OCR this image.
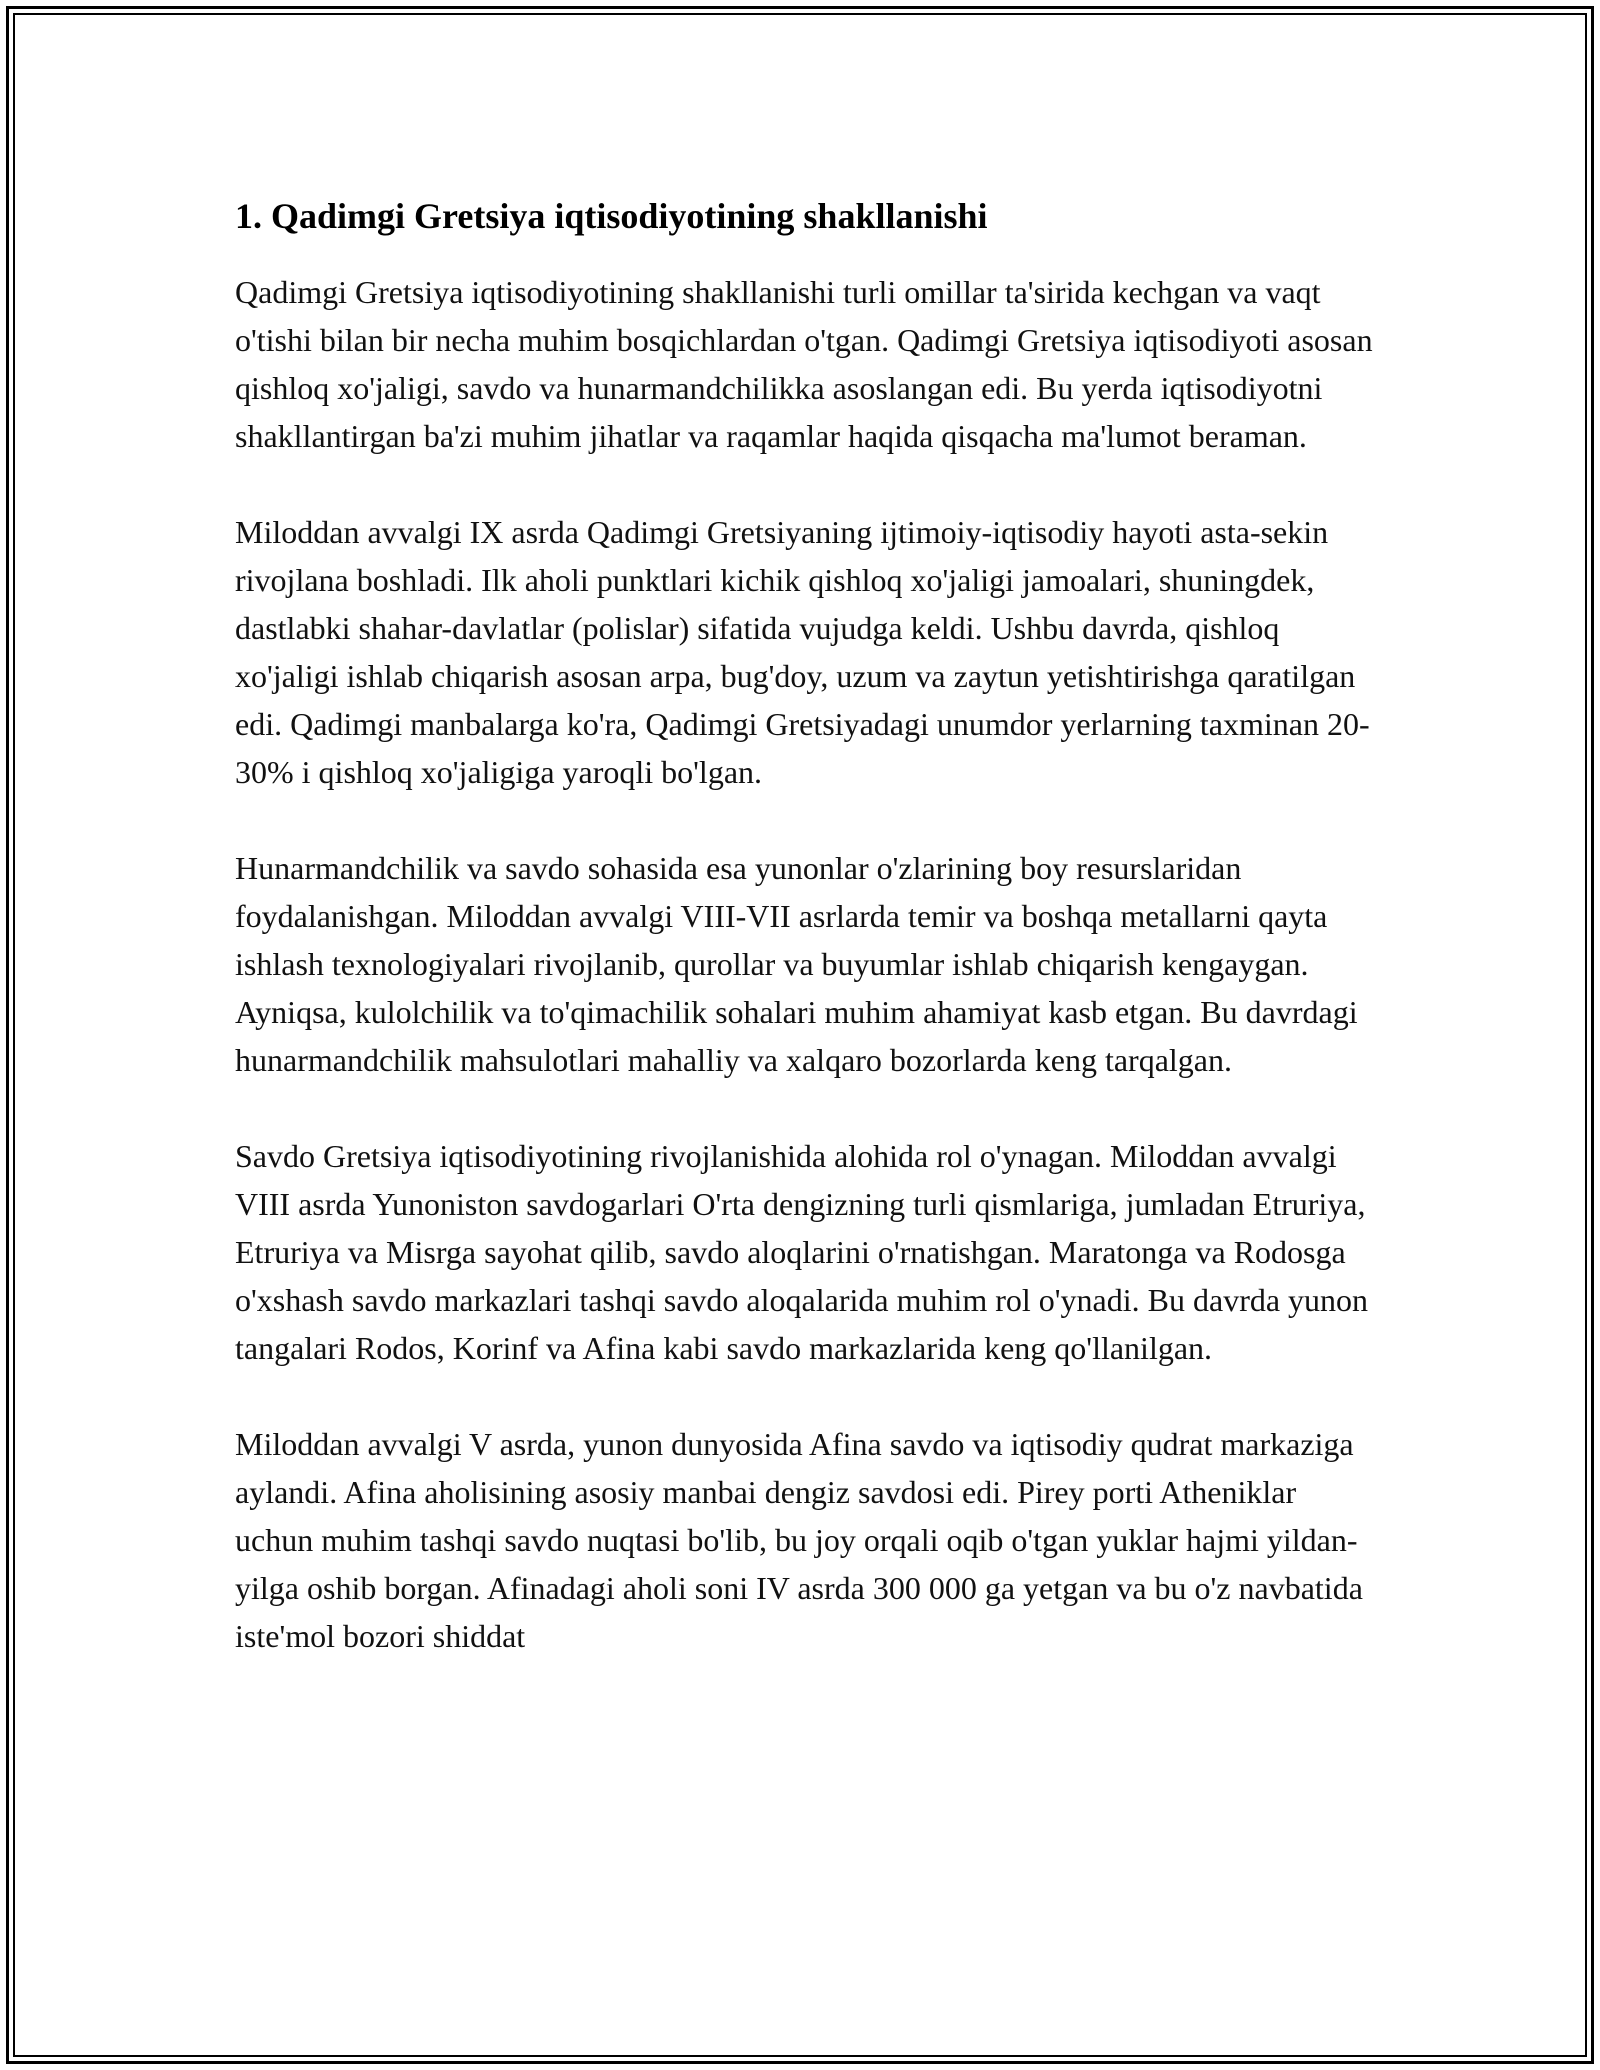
1. Qadimgi Gretsiya iqtisodiyotining shakllanishi

Qadimgi Gretsiya iqtisodiyotining shakllanishi turli omillar ta'sirida kechgan va vaqt o'tishi bilan bir necha muhim bosqichlardan o'tgan. Qadimgi Gretsiya iqtisodiyoti asosan qishloq xo'jaligi, savdo va hunarmandchilikka asoslangan edi. Bu yerda iqtisodiyotni shakllantirgan ba'zi muhim jihatlar va raqamlar haqida qisqacha ma'lumot beraman.

Miloddan avvalgi IX asrda Qadimgi Gretsiyaning ijtimoiy-iqtisodiy hayoti asta-sekin rivojlana boshladi. Ilk aholi punktlari kichik qishloq xo'jaligi jamoalari, shuningdek, dastlabki shahar-davlatlar (polislar) sifatida vujudga keldi. Ushbu davrda, qishloq xo'jaligi ishlab chiqarish asosan arpa, bug'doy, uzum va zaytun yetishtirishga qaratilgan edi. Qadimgi manbalarga ko'ra, Qadimgi Gretsiyadagi unumdor yerlarning taxminan 20-30% i qishloq xo'jaligiga yaroqli bo'lgan.

Hunarmandchilik va savdo sohasida esa yunonlar o'zlarining boy resurslaridan foydalanishgan. Miloddan avvalgi VIII-VII asrlarda temir va boshqa metallarni qayta ishlash texnologiyalari rivojlanib, qurollar va buyumlar ishlab chiqarish kengaygan. Ayniqsa, kulolchilik va to'qimachilik sohalari muhim ahamiyat kasb etgan. Bu davrdagi hunarmandchilik mahsulotlari mahalliy va xalqaro bozorlarda keng tarqalgan.

Savdo Gretsiya iqtisodiyotining rivojlanishida alohida rol o'ynagan. Miloddan avvalgi VIII asrda Yunoniston savdogarlari O'rta dengizning turli qismlariga, jumladan Etruriya, Etruriya va Misrga sayohat qilib, savdo aloqlarini o'rnatishgan. Maratonga va Rodosga o'xshash savdo markazlari tashqi savdo aloqalarida muhim rol o'ynadi. Bu davrda yunon tangalari Rodos, Korinf va Afina kabi savdo markazlarida keng qo'llanilgan.

Miloddan avvalgi V asrda, yunon dunyosida Afina savdo va iqtisodiy qudrat markaziga aylandi. Afina aholisining asosiy manbai dengiz savdosi edi. Pirey porti Atheniklar uchun muhim tashqi savdo nuqtasi bo'lib, bu joy orqali oqib o'tgan yuklar hajmi yildan-yilga oshib borgan. Afinadagi aholi soni IV asrda 300 000 ga yetgan va bu o'z navbatida iste'mol bozori shiddat
